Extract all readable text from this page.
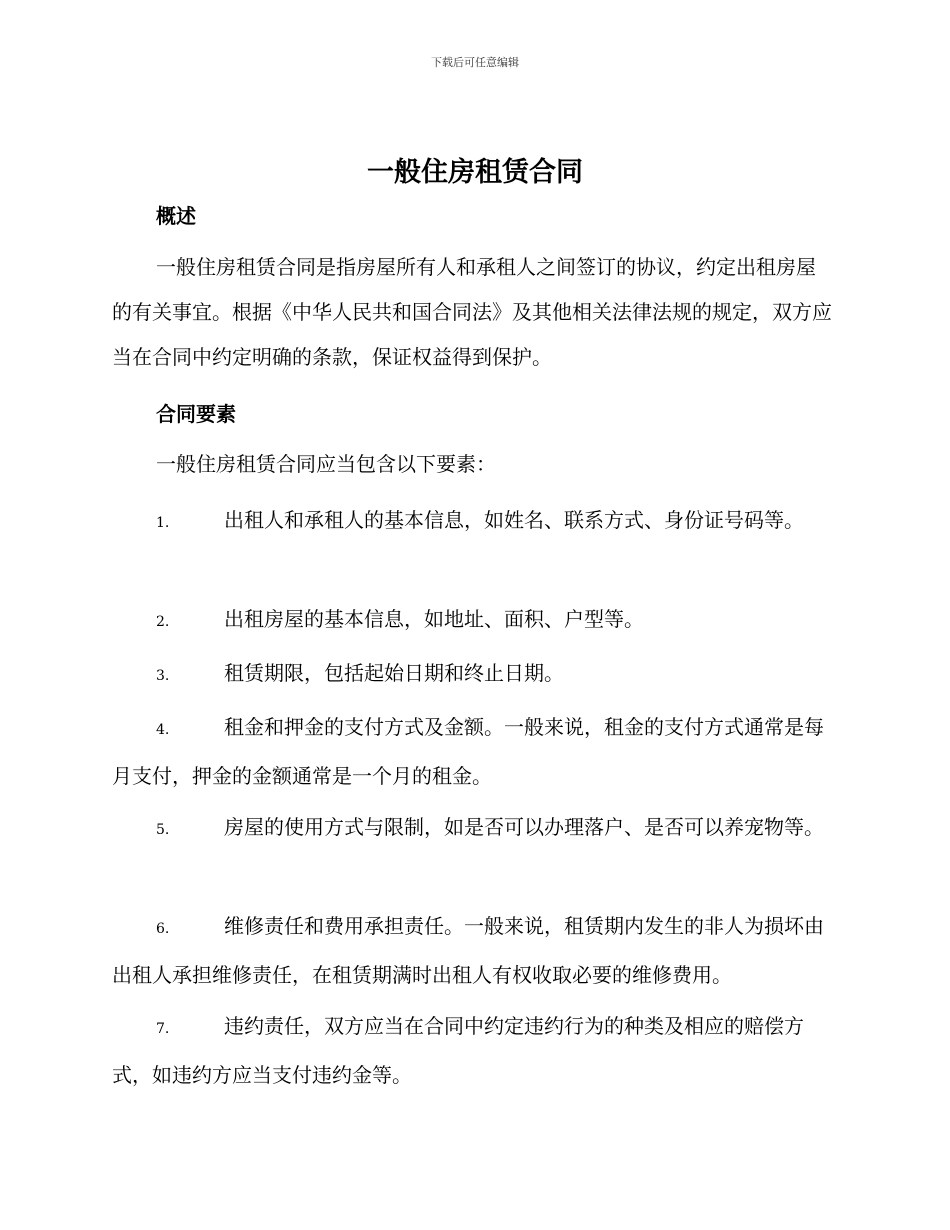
下载后可任意编辑
一般住房租赁合同
概述

一般住房租赁合同是指房屋所有人和承租人之间签订的协议，约定出租房屋的有关事宜。根据《中华人民共和国合同法》及其他相关法律法规的规定，双方应当在合同中约定明确的条款，保证权益得到保护。

合同要素

一般住房租赁合同应当包含以下要素：

1.	出租人和承租人的基本信息，如姓名、联系方式、身份证号码等。
2.	出租房屋的基本信息，如地址、面积、户型等。
3.	租赁期限，包括起始日期和终止日期。
4.	租金和押金的支付方式及金额。一般来说，租金的支付方式通常是每月支付，押金的金额通常是一个月的租金。
5.	房屋的使用方式与限制，如是否可以办理落户、是否可以养宠物等。
6.	维修责任和费用承担责任。一般来说，租赁期内发生的非人为损坏由出租人承担维修责任，在租赁期满时出租人有权收取必要的维修费用。
7.	违约责任，双方应当在合同中约定违约行为的种类及相应的赔偿方式，如违约方应当支付违约金等。
